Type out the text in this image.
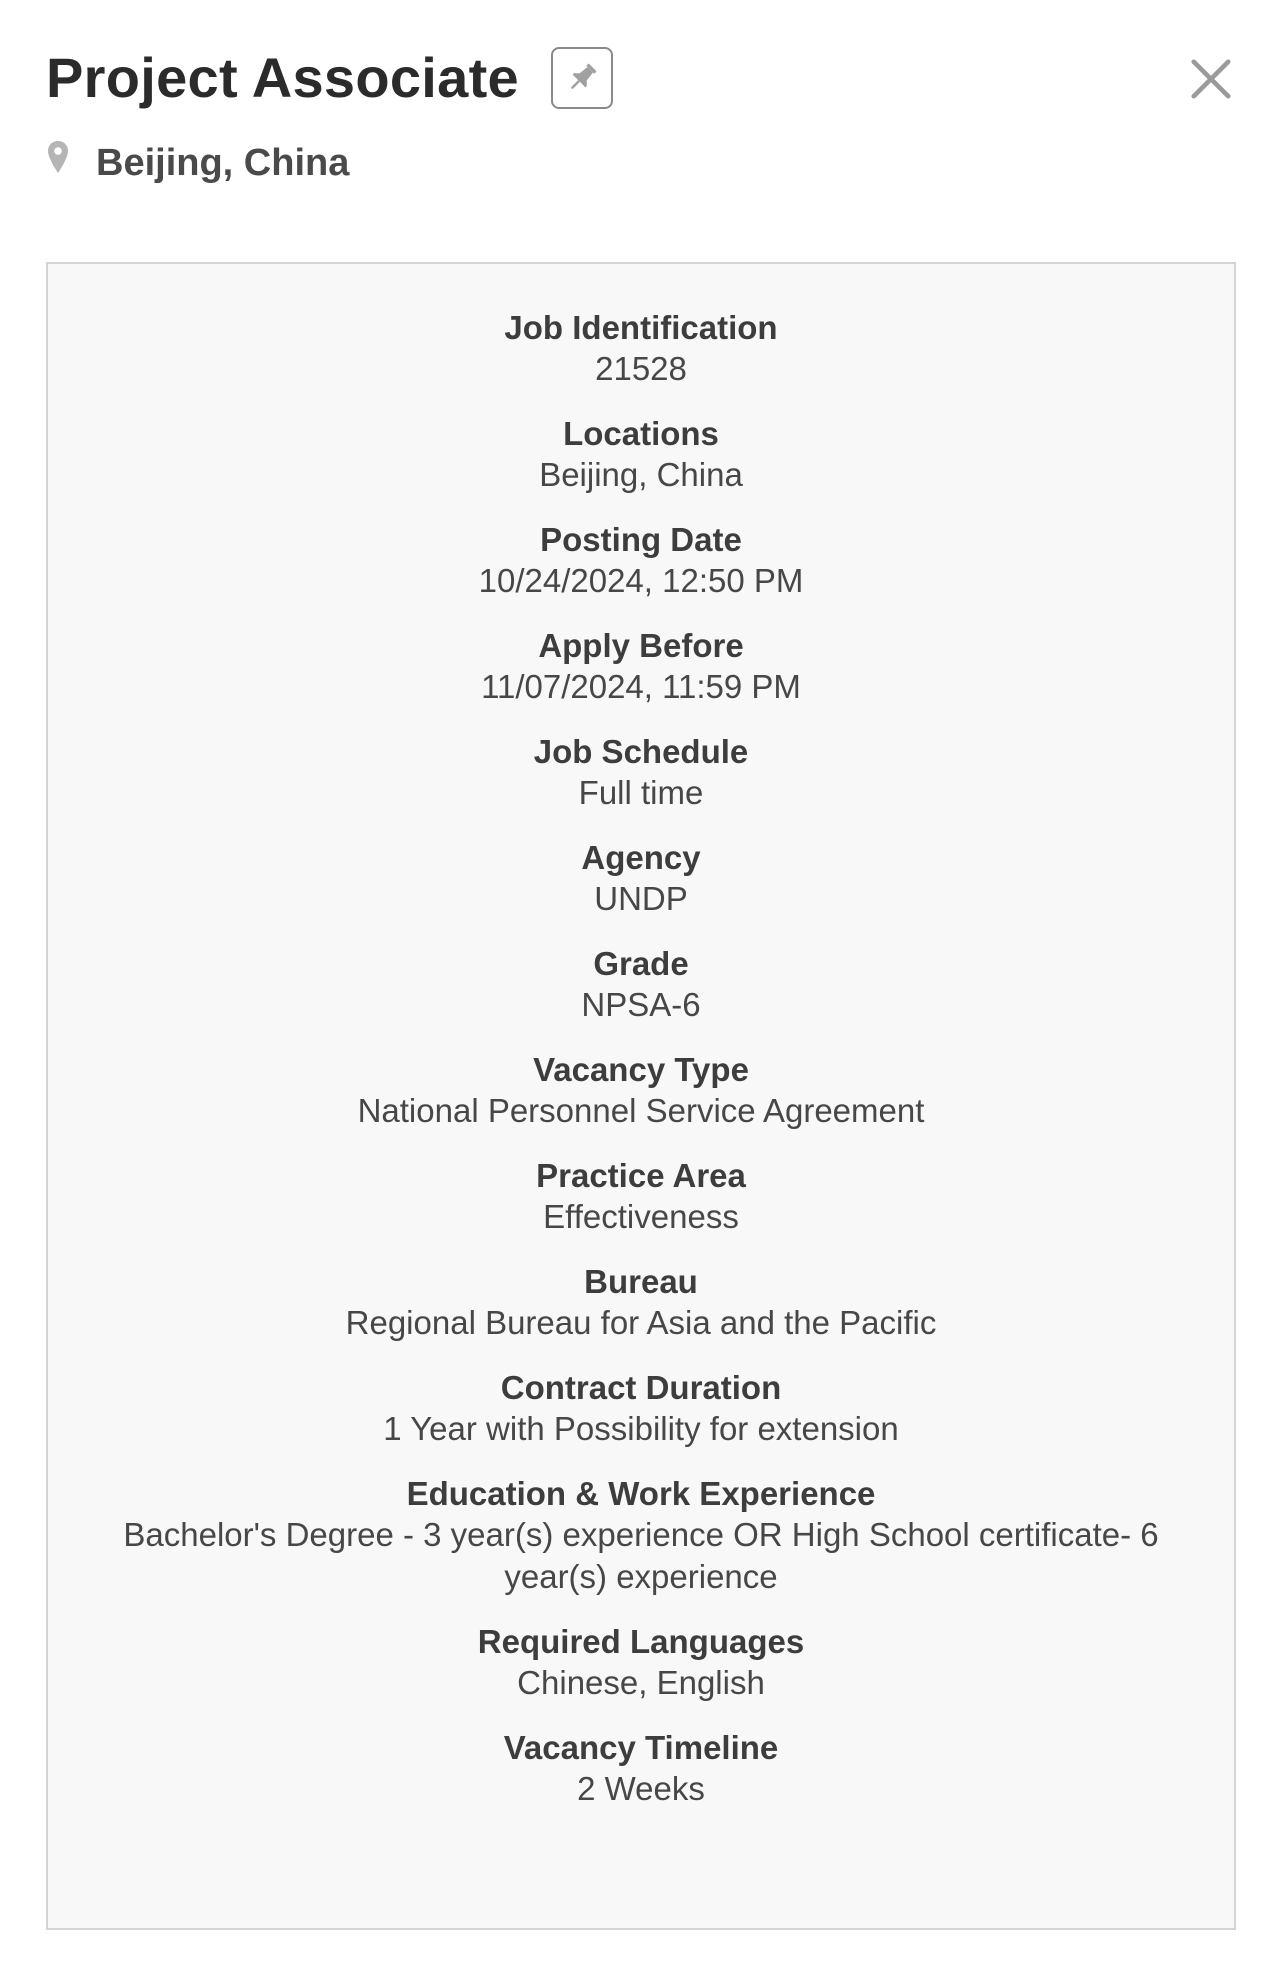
Project Associate
Beijing, China
Job Identification
21528
Locations
Beijing, China
Posting Date
10/24/2024, 12:50 PM
Apply Before
11/07/2024, 11:59 PM
Job Schedule
Full time
Agency
UNDP
Grade
NPSA-6
Vacancy Type
National Personnel Service Agreement
Practice Area
Effectiveness
Bureau
Regional Bureau for Asia and the Pacific
Contract Duration
1 Year with Possibility for extension
Education & Work Experience
Bachelor's Degree - 3 year(s) experience OR High School certificate- 6 year(s) experience
Required Languages
Chinese, English
Vacancy Timeline
2 Weeks
